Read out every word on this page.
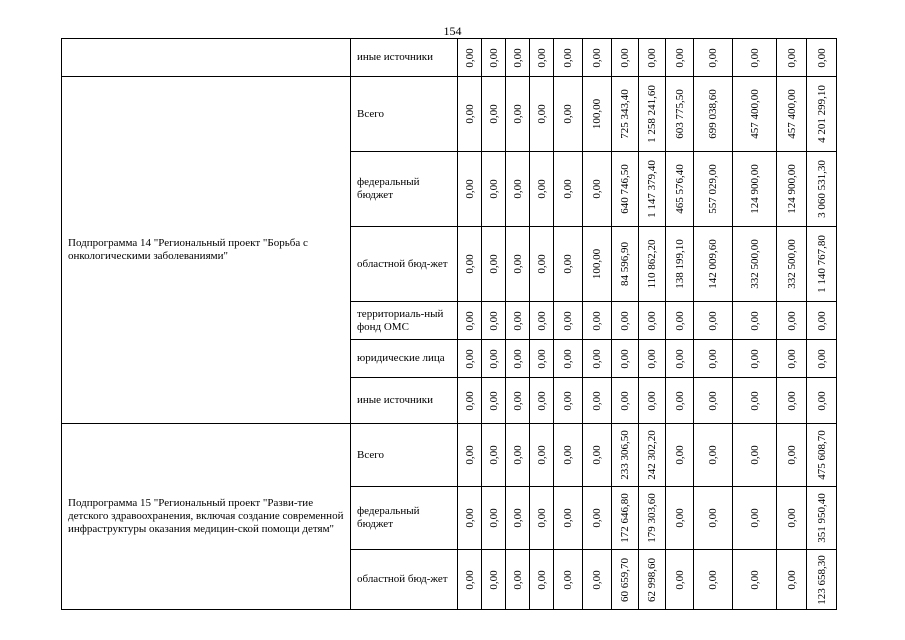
154
	иные источники	0,00	0,00	0,00	0,00	0,00	0,00	0,00	0,00	0,00	0,00	0,00	0,00	0,00

Подпрограмма 14 "Региональный проект "Борьба с онкологическими заболеваниями"	Всего	0,00	0,00	0,00	0,00	0,00	100,00	725 343,40	1 258 241,60	603 775,50	699 038,60	457 400,00	457 400,00	4 201 299,10

	федеральный бюджет	0,00	0,00	0,00	0,00	0,00	0,00	640 746,50	1 147 379,40	465 576,40	557 029,00	124 900,00	124 900,00	3 060 531,30

	областной бюд-жет	0,00	0,00	0,00	0,00	0,00	100,00	84 596,90	110 862,20	138 199,10	142 009,60	332 500,00	332 500,00	1 140 767,80

	территориаль-ный фонд ОМС	0,00	0,00	0,00	0,00	0,00	0,00	0,00	0,00	0,00	0,00	0,00	0,00	0,00

	юридические лица	0,00	0,00	0,00	0,00	0,00	0,00	0,00	0,00	0,00	0,00	0,00	0,00	0,00

	иные источники	0,00	0,00	0,00	0,00	0,00	0,00	0,00	0,00	0,00	0,00	0,00	0,00	0,00

Подпрограмма 15 "Региональный проект "Разви-тие детского здравоохранения, включая создание современной инфраструктуры оказания медицин-ской помощи детям"	Всего	0,00	0,00	0,00	0,00	0,00	0,00	233 306,50	242 302,20	0,00	0,00	0,00	0,00	475 608,70

	федеральный бюджет	0,00	0,00	0,00	0,00	0,00	0,00	172 646,80	179 303,60	0,00	0,00	0,00	0,00	351 950,40

	областной бюд-жет	0,00	0,00	0,00	0,00	0,00	0,00	60 659,70	62 998,60	0,00	0,00	0,00	0,00	123 658,30
